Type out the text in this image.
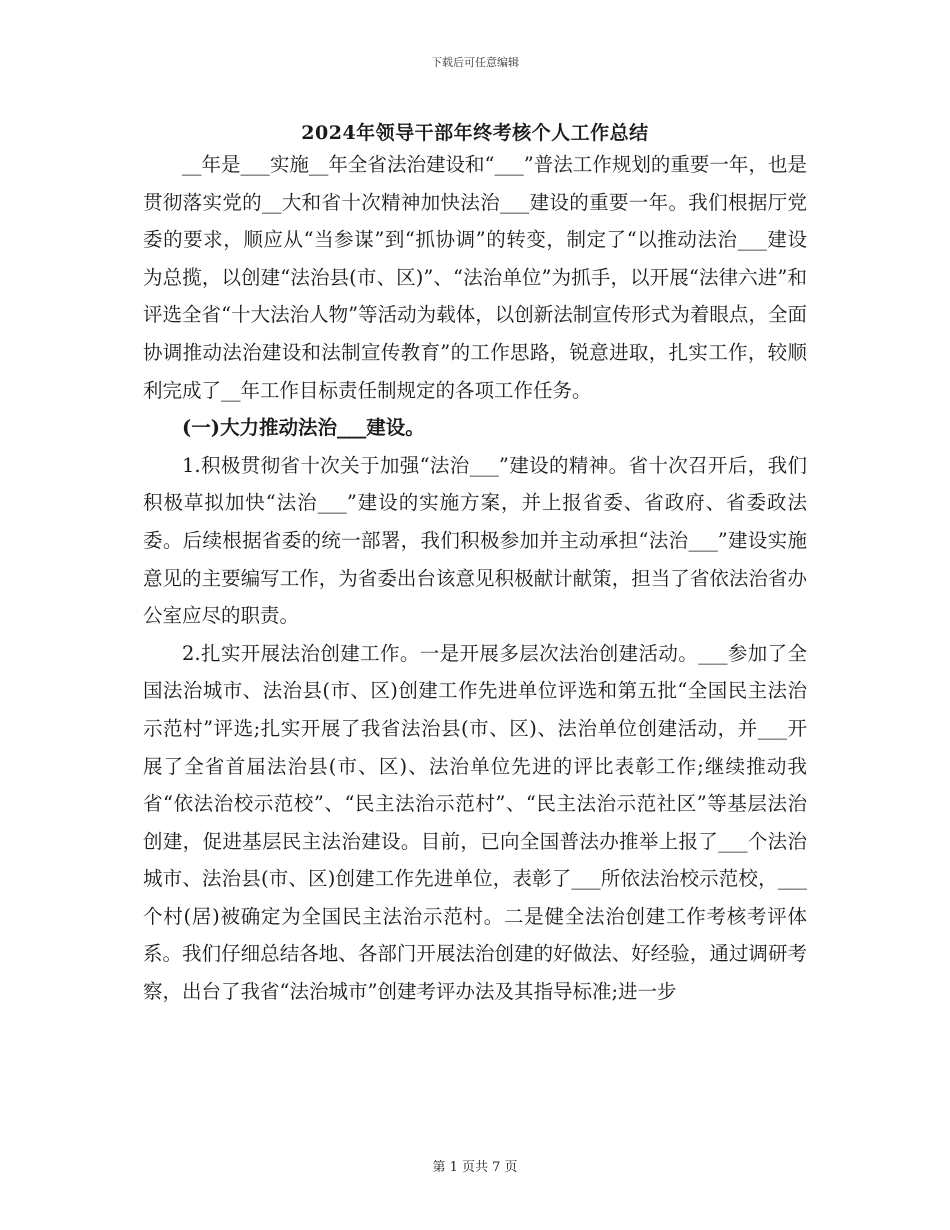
下载后可任意编辑
2024年领导干部年终考核个人工作总结

__年是___实施__年全省法治建设和“___”普法工作规划的重要一年，也是贯彻落实党的__大和省十次精神加快法治___建设的重要一年。我们根据厅党委的要求，顺应从“当参谋”到“抓协调”的转变，制定了“以推动法治___建设为总揽，以创建“法治县(市、区)”、“法治单位”为抓手，以开展“法律六进”和评选全省“十大法治人物”等活动为载体，以创新法制宣传形式为着眼点，全面协调推动法治建设和法制宣传教育”的工作思路，锐意进取，扎实工作，较顺利完成了__年工作目标责任制规定的各项工作任务。

(一)大力推动法治___建设。

1.积极贯彻省十次关于加强“法治___”建设的精神。省十次召开后，我们积极草拟加快“法治___”建设的实施方案，并上报省委、省政府、省委政法委。后续根据省委的统一部署，我们积极参加并主动承担“法治___”建设实施意见的主要编写工作，为省委出台该意见积极献计献策，担当了省依法治省办公室应尽的职责。

2.扎实开展法治创建工作。一是开展多层次法治创建活动。___参加了全国法治城市、法治县(市、区)创建工作先进单位评选和第五批“全国民主法治示范村”评选;扎实开展了我省法治县(市、区)、法治单位创建活动，并___开展了全省首届法治县(市、区)、法治单位先进的评比表彰工作;继续推动我省“依法治校示范校”、“民主法治示范村”、“民主法治示范社区”等基层法治创建，促进基层民主法治建设。目前，已向全国普法办推举上报了___个法治城市、法治县(市、区)创建工作先进单位，表彰了___所依法治校示范校，___个村(居)被确定为全国民主法治示范村。二是健全法治创建工作考核考评体系。我们仔细总结各地、各部门开展法治创建的好做法、好经验，通过调研考察，出台了我省“法治城市”创建考评办法及其指导标准;进一步

第 1 页共 7 页
